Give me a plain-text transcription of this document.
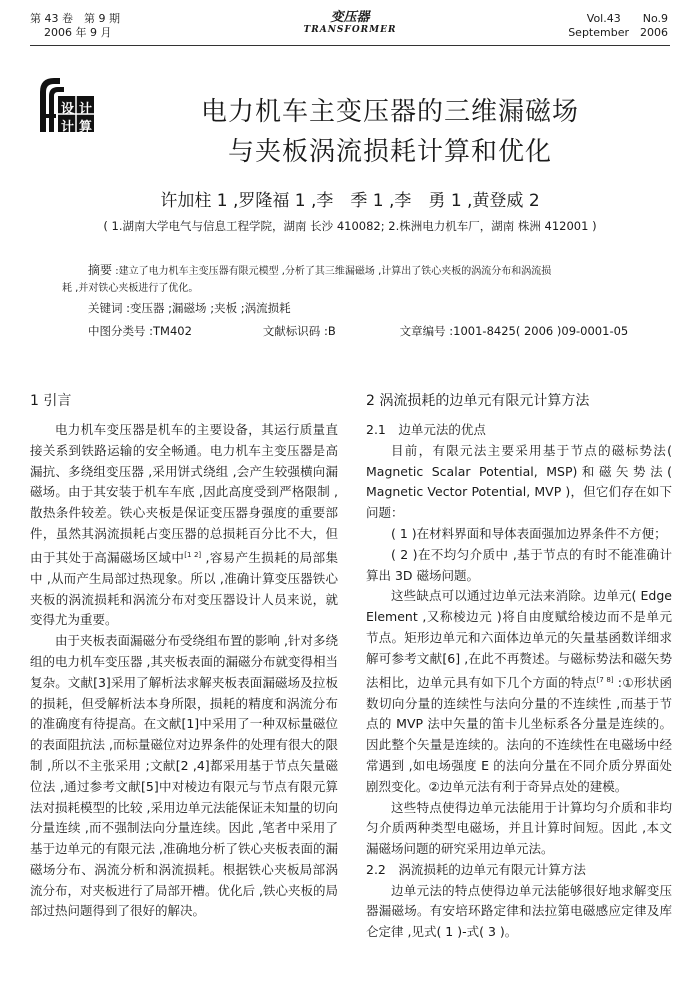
第 43 卷　第 9 期
2006 年 9 月
变压器
TRANSFORMER
Vol.43　　No.9
September　2006
设 计
计 算
电力机车主变压器的三维漏磁场
与夹板涡流损耗计算和优化
许加柱 1 ,罗隆福 1 ,李　季 1 ,李　勇 1 ,黄登威 2
( 1.湖南大学电气与信息工程学院，湖南 长沙 410082; 2.株洲电力机车厂，湖南 株洲 412001 )
摘要 :建立了电力机车主变压器有限元模型 ,分析了其三维漏磁场 ,计算出了铁心夹板的涡流分布和涡流损
耗 ,并对铁心夹板进行了优化。
关键词 :变压器 ;漏磁场 ;夹板 ;涡流损耗
中图分类号 :TM402	文献标识码 :B	文章编号 :1001-8425( 2006 )09-0001-05
1 引言

电力机车变压器是机车的主要设备，其运行质量直接关系到铁路运输的安全畅通。电力机车主变压器是高漏抗、多绕组变压器 ,采用饼式绕组 ,会产生较强横向漏磁场。由于其安装于机车车底 ,因此高度受到严格限制 ,散热条件较差。铁心夹板是保证变压器身强度的重要部件，虽然其涡流损耗占变压器的总损耗百分比不大，但由于其处于高漏磁场区域中[1 2] ,容易产生损耗的局部集中 ,从而产生局部过热现象。所以 ,准确计算变压器铁心夹板的涡流损耗和涡流分布对变压器设计人员来说，就变得尤为重要。

由于夹板表面漏磁分布受绕组布置的影响 ,针对多绕组的电力机车变压器 ,其夹板表面的漏磁分布就变得相当复杂。文献[3]采用了解析法求解夹板表面漏磁场及拉板的损耗，但受解析法本身所限，损耗的精度和涡流分布的准确度有待提高。在文献[1]中采用了一种双标量磁位的表面阻抗法 ,而标量磁位对边界条件的处理有很大的限制 ,所以不主张采用 ;文献[2 ,4]都采用基于节点矢量磁位法 ,通过参考文献[5]中对棱边有限元与节点有限元算法对损耗模型的比较 ,采用边单元法能保证未知量的切向分量连续 ,而不强制法向分量连续。因此 ,笔者中采用了基于边单元的有限元法 ,准确地分析了铁心夹板表面的漏磁场分布、涡流分析和涡流损耗。根据铁心夹板局部涡流分布，对夹板进行了局部开槽。优化后 ,铁心夹板的局部过热问题得到了很好的解决。

2 涡流损耗的边单元有限元计算方法
2.1　边单元法的优点

目前，有限元法主要采用基于节点的磁标势法( Magnetic Scalar Potential, MSP)和磁矢势法( Magnetic Vector Potential, MVP )，但它们存在如下问题：

( 1 )在材料界面和导体表面强加边界条件不方便；

( 2 )在不均匀介质中 ,基于节点的有时不能准确计算出 3D 磁场问题。

这些缺点可以通过边单元法来消除。边单元( Edge Element ,又称棱边元 )将自由度赋给棱边而不是单元节点。矩形边单元和六面体边单元的矢量基函数详细求解可参考文献[6] ,在此不再赘述。与磁标势法和磁矢势法相比，边单元具有如下几个方面的特点[7 8] :①形状函数切向分量的连续性与法向分量的不连续性 ,而基于节点的 MVP 法中矢量的笛卡儿坐标系各分量是连续的。因此整个矢量是连续的。法向的不连续性在电磁场中经常遇到 ,如电场强度 E 的法向分量在不同介质分界面处剧烈变化。②边单元法有利于奇异点处的建模。

这些特点使得边单元法能用于计算均匀介质和非均匀介质两种类型电磁场，并且计算时间短。因此 ,本文漏磁场问题的研究采用边单元法。

2.2　涡流损耗的边单元有限元计算方法

边单元法的特点使得边单元法能够很好地求解变压器漏磁场。有安培环路定律和法拉第电磁感应定律及库仑定律 ,见式( 1 )-式( 3 )。
